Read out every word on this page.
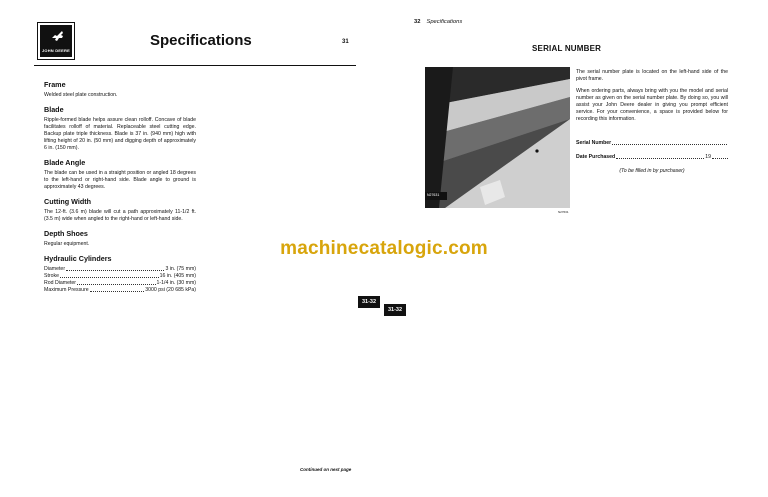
JOHN DEERE
Specifications	31
Frame

Welded steel plate construction.

Blade

Ripple-formed blade helps assure clean rolloff. Concave of blade facilitates rolloff of material. Replaceable steel cutting edge. Backup plate triple thickness. Blade is 37 in. (940 mm) high with lifting height of 20 in. (50 mm) and digging depth of approximately 6 in. (150 mm).

Blade Angle

The blade can be used in a straight position or angled 18 degrees to the left-hand or right-hand side. Blade angle to ground is approximately 43 degrees.

Cutting Width

The 12-ft. (3.6 m) blade will cut a path approximately 11-1/2 ft. (3.5 m) wide when angled to the right-hand or left-hand side.

Depth Shoes

Regular equipment.

Hydraulic Cylinders
Diameter	3 in. (75 mm)
Stroke	16 in. (405 mm)
Rod Diameter	1-1/4 in. (30 mm)
Maximum Pressure	3000 psi (20 685 kPa)
Continued on next page
32 Specifications
SERIAL NUMBER
N27631
N27631

The serial number plate is located on the left-hand side of the pivot frame.

When ordering parts, always bring with you the model and serial number as given on the serial number plate. By doing so, you will assist your John Deere dealer in giving you prompt efficient service. For your convenience, a space is provided below for recording this information.

Serial Number
Date Purchased	19
(To be filled in by purchaser)
machinecatalogic.com
31-32
31-32
